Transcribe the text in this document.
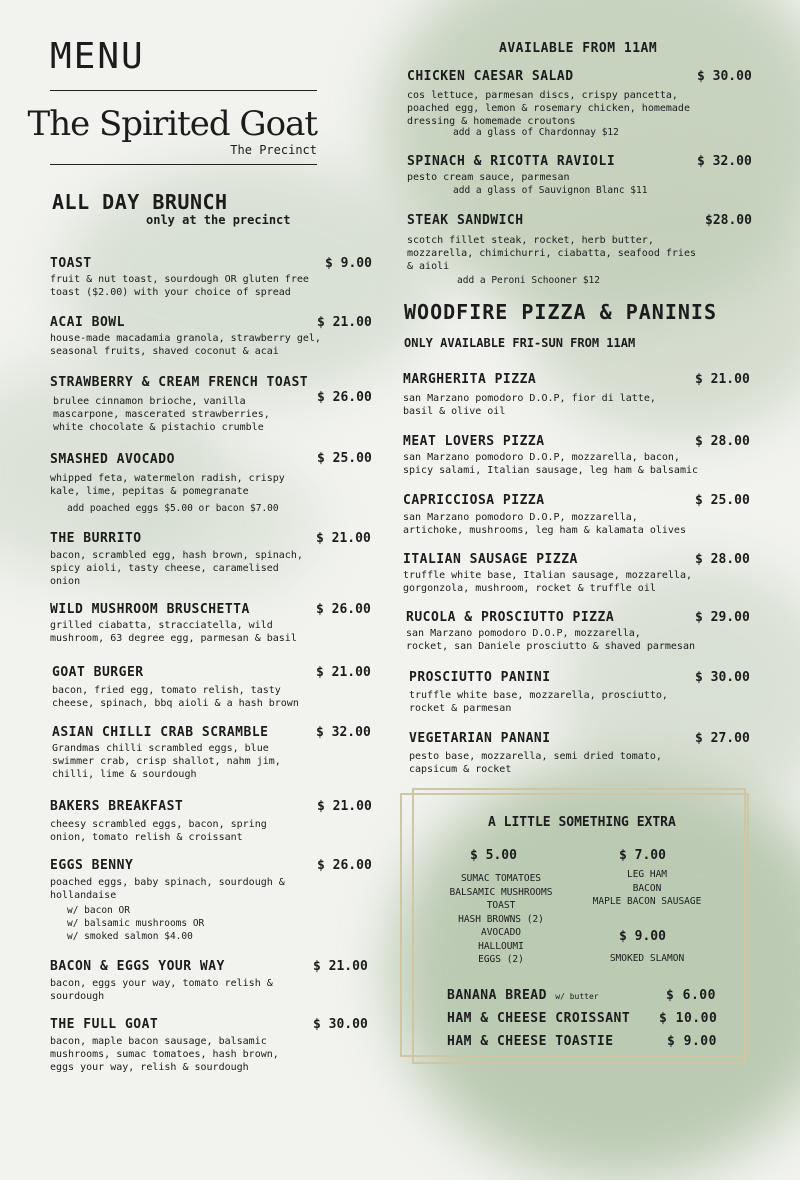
MENU
The Spirited Goat
The Precinct
ALL DAY BRUNCH
only at the precinct
TOAST	$ 9.00
fruit & nut toast, sourdough OR gluten free
toast ($2.00) with your choice of spread
ACAI BOWL	$ 21.00
house-made macadamia granola, strawberry gel,
seasonal fruits, shaved coconut & acai
STRAWBERRY & CREAM FRENCH TOAST
$ 26.00
brulee cinnamon brioche, vanilla
mascarpone, mascerated strawberries,
white chocolate & pistachio crumble
SMASHED AVOCADO	$ 25.00
whipped feta, watermelon radish, crispy
kale, lime, pepitas & pomegranate
add poached eggs $5.00 or bacon $7.00
THE BURRITO	$ 21.00
bacon, scrambled egg, hash brown, spinach,
spicy aioli, tasty cheese, caramelised
onion
WILD MUSHROOM BRUSCHETTA	$ 26.00
grilled ciabatta, stracciatella, wild
mushroom, 63 degree egg, parmesan & basil
GOAT BURGER	$ 21.00
bacon, fried egg, tomato relish, tasty
cheese, spinach, bbq aioli & a hash brown
ASIAN CHILLI CRAB SCRAMBLE	$ 32.00
Grandmas chilli scrambled eggs, blue
swimmer crab, crisp shallot, nahm jim,
chilli, lime & sourdough
BAKERS BREAKFAST	$ 21.00
cheesy scrambled eggs, bacon, spring
onion, tomato relish & croissant
EGGS BENNY	$ 26.00
poached eggs, baby spinach, sourdough &
hollandaise
w/ bacon OR
w/ balsamic mushrooms OR
w/ smoked salmon $4.00
BACON & EGGS YOUR WAY	$ 21.00
bacon, eggs your way, tomato relish &
sourdough
THE FULL GOAT	$ 30.00
bacon, maple bacon sausage, balsamic
mushrooms, sumac tomatoes, hash brown,
eggs your way, relish & sourdough
AVAILABLE FROM 11AM
CHICKEN CAESAR SALAD	$ 30.00
cos lettuce, parmesan discs, crispy pancetta,
poached egg, lemon & rosemary chicken, homemade
dressing & homemade croutons
add a glass of Chardonnay $12
SPINACH & RICOTTA RAVIOLI	$ 32.00
pesto cream sauce, parmesan
add a glass of Sauvignon Blanc $11
STEAK SANDWICH	$28.00
scotch fillet steak, rocket, herb butter,
mozzarella, chimichurri, ciabatta, seafood fries
& aioli
add a Peroni Schooner $12
WOODFIRE PIZZA & PANINIS
ONLY AVAILABLE FRI-SUN FROM 11AM
MARGHERITA PIZZA	$ 21.00
san Marzano pomodoro D.O.P, fior di latte,
basil & olive oil
MEAT LOVERS PIZZA	$ 28.00
san Marzano pomodoro D.O.P, mozzarella, bacon,
spicy salami, Italian sausage, leg ham & balsamic
CAPRICCIOSA PIZZA	$ 25.00
san Marzano pomodoro D.O.P, mozzarella,
artichoke, mushrooms, leg ham & kalamata olives
ITALIAN SAUSAGE PIZZA	$ 28.00
truffle white base, Italian sausage, mozzarella,
gorgonzola, mushroom, rocket & truffle oil
RUCOLA & PROSCIUTTO PIZZA	$ 29.00
san Marzano pomodoro D.O.P, mozzarella,
rocket, san Daniele prosciutto & shaved parmesan
PROSCIUTTO PANINI	$ 30.00
truffle white base, mozzarella, prosciutto,
rocket & parmesan
VEGETARIAN PANANI	$ 27.00
pesto base, mozzarella, semi dried tomato,
capsicum & rocket
A LITTLE SOMETHING EXTRA
$ 5.00
SUMAC TOMATOES
BALSAMIC MUSHROOMS
TOAST
HASH BROWNS (2)
AVOCADO
HALLOUMI
EGGS (2)
$ 7.00
LEG HAM
BACON
MAPLE BACON SAUSAGE
$ 9.00
SMOKED SLAMON
BANANA BREAD w/ butter	$ 6.00
HAM & CHEESE CROISSANT $ 10.00
HAM & CHEESE TOASTIE	$ 9.00
